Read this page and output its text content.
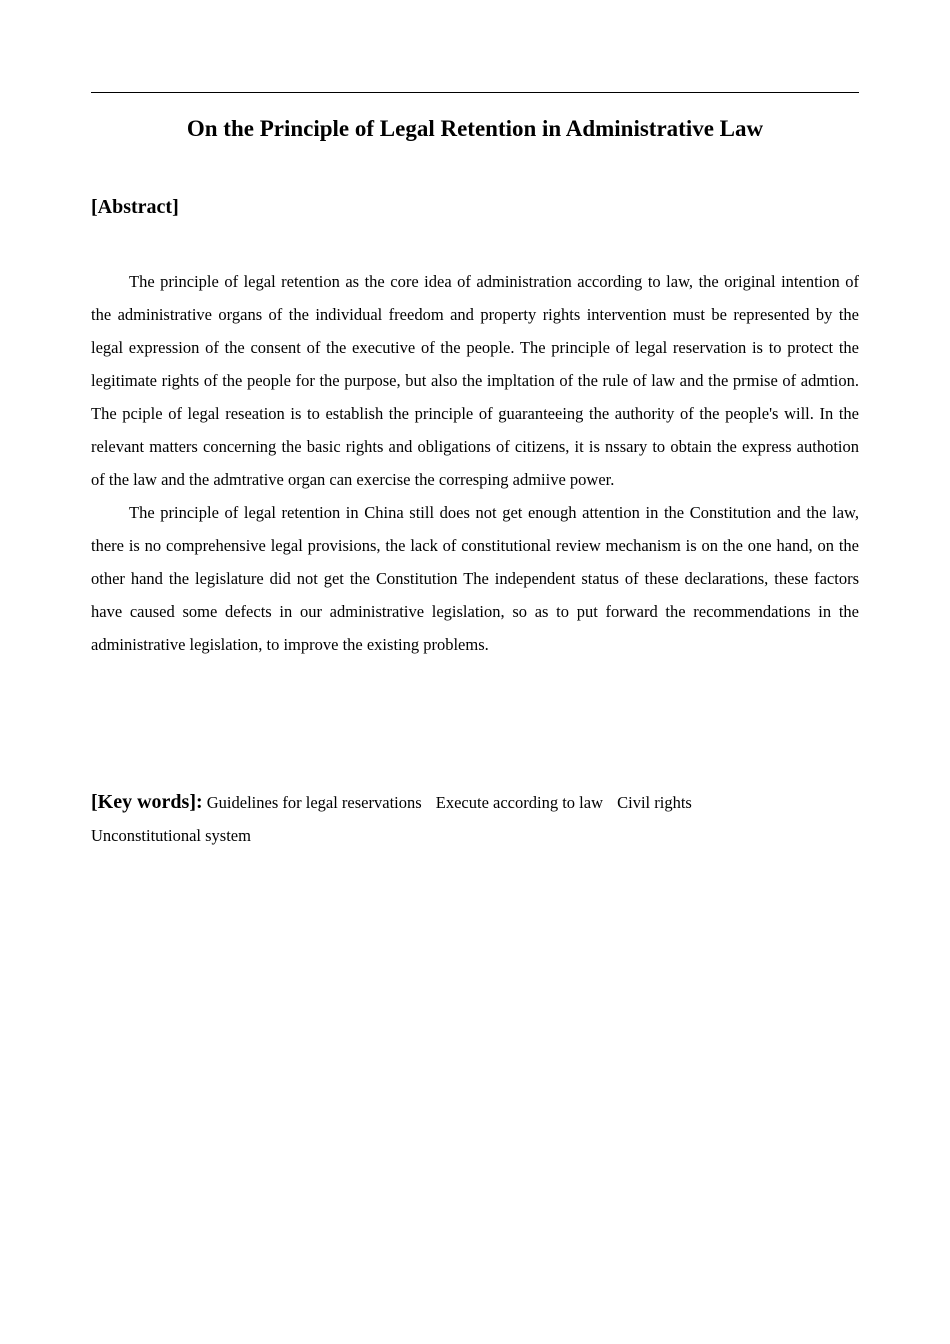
On the Principle of Legal Retention in Administrative Law
[Abstract]

The principle of legal retention as the core idea of administration according to law, the original intention of the administrative organs of the individual freedom and property rights intervention must be represented by the legal expression of the consent of the executive of the people. The principle of legal reservation is to protect the legitimate rights of the people for the purpose, but also the impltation of the rule of law and the prmise of admtion. The pciple of legal reseation is to establish the principle of guaranteeing the authority of the people's will. In the relevant matters concerning the basic rights and obligations of citizens, it is nssary to obtain the express authotion of the law and the admtrative organ can exercise the corresping admiive power.

The principle of legal retention in China still does not get enough attention in the Constitution and the law, there is no comprehensive legal provisions, the lack of constitutional review mechanism is on the one hand, on the other hand the legislature did not get the Constitution The independent status of these declarations, these factors have caused some defects in our administrative legislation, so as to put forward the recommendations in the administrative legislation, to improve the existing problems.

[Key words]: Guidelines for legal reservations Execute according to law Civil rights Unconstitutional system
